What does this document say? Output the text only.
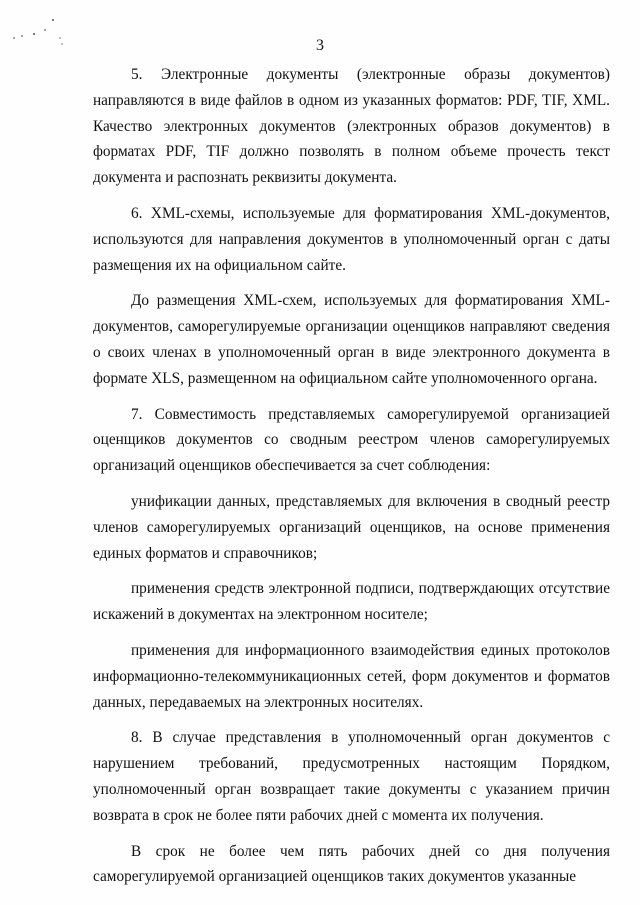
3

5. Электронные документы (электронные образы документов) направляются в виде файлов в одном из указанных форматов: PDF, TIF, XML. Качество электронных документов (электронных образов документов) в форматах PDF, TIF должно позволять в полном объеме прочесть текст документа и распознать реквизиты документа.

6. XML-схемы, используемые для форматирования XML-документов, используются для направления документов в уполномоченный орган с даты размещения их на официальном сайте.

До размещения XML-схем, используемых для форматирования XML-документов, саморегулируемые организации оценщиков направляют сведения о своих членах в уполномоченный орган в виде электронного документа в формате XLS, размещенном на официальном сайте уполномоченного органа.

7. Совместимость представляемых саморегулируемой организацией оценщиков документов со сводным реестром членов саморегулируемых организаций оценщиков обеспечивается за счет соблюдения:

унификации данных, представляемых для включения в сводный реестр членов саморегулируемых организаций оценщиков, на основе применения единых форматов и справочников;

применения средств электронной подписи, подтверждающих отсутствие искажений в документах на электронном носителе;

применения для информационного взаимодействия единых протоколов информационно-телекоммуникационных сетей, форм документов и форматов данных, передаваемых на электронных носителях.

8. В случае представления в уполномоченный орган документов с нарушением требований, предусмотренных настоящим Порядком, уполномоченный орган возвращает такие документы с указанием причин возврата в срок не более пяти рабочих дней с момента их получения.

В срок не более чем пять рабочих дней со дня получения саморегулируемой организацией оценщиков таких документов указанные
